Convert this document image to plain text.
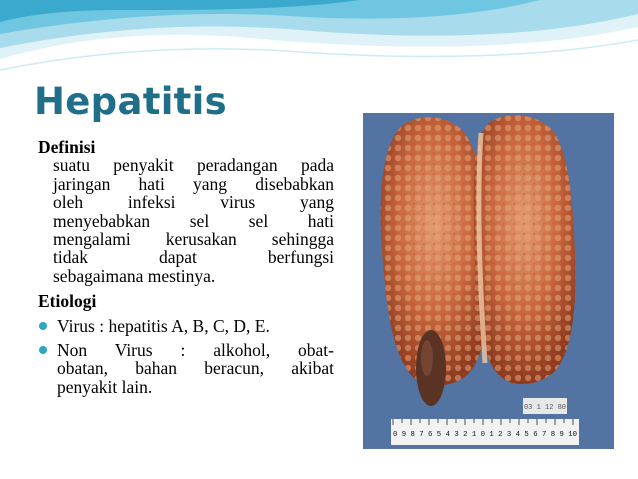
Hepatitis
Definisi
suatu penyakit peradangan pada
jaringan hati yang disebabkan
oleh infeksi virus yang
menyebabkan sel sel hati
mengalami kerusakan sehingga
tidak dapat berfungsi
sebagaimana mestinya.
Etiologi
Virus : hepatitis A, B, C, D, E.
Non Virus : alkohol, obat-
obatan, bahan beracun, akibat
penyakit lain.
03 1 12 80
0 9 8 7 6 5 4 3 2 1 0 1 2 3 4 5 6 7 8 9 10
